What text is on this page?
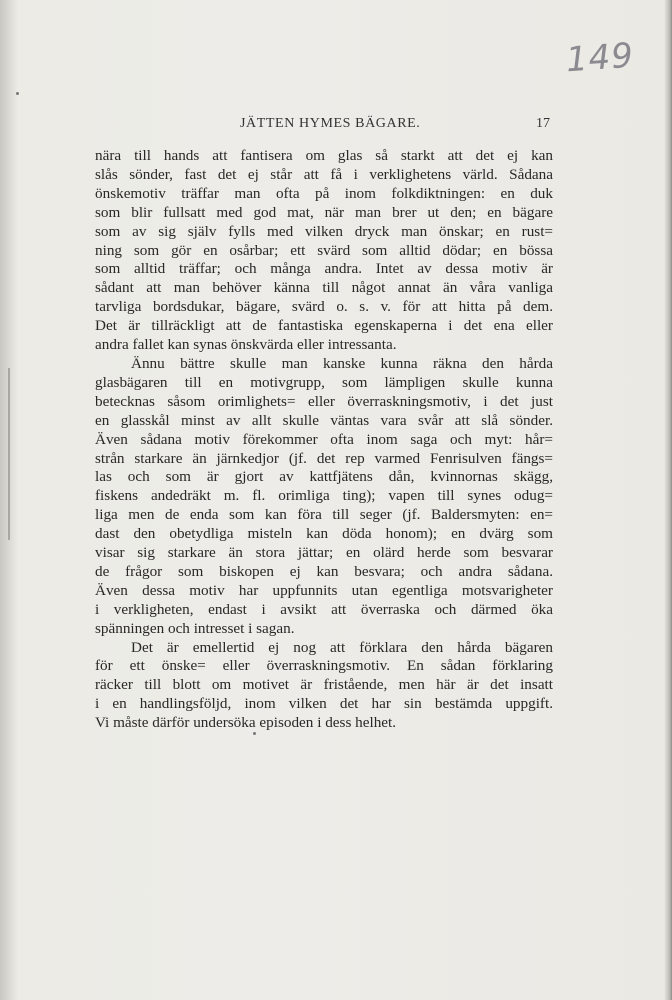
149
JÄTTEN HYMES BÄGARE.	17

nära till hands att fantisera om glas så starkt att det ej kan
slås sönder, fast det ej står att få i verklighetens värld. Sådana
önskemotiv träffar man ofta på inom folkdiktningen: en duk
som blir fullsatt med god mat, när man brer ut den; en bägare
som av sig själv fylls med vilken dryck man önskar; en rust=
ning som gör en osårbar; ett svärd som alltid dödar; en bössa
som alltid träffar; och många andra. Intet av dessa motiv är
sådant att man behöver känna till något annat än våra vanliga
tarvliga bordsdukar, bägare, svärd o. s. v. för att hitta på dem.
Det är tillräckligt att de fantastiska egenskaperna i det ena eller
andra fallet kan synas önskvärda eller intressanta.

Ännu bättre skulle man kanske kunna räkna den hårda
glasbägaren till en motivgrupp, som lämpligen skulle kunna
betecknas såsom orimlighets= eller överraskningsmotiv, i det just
en glasskål minst av allt skulle väntas vara svår att slå sönder.
Även sådana motiv förekommer ofta inom saga och myt: hår=
strån starkare än järnkedjor (jf. det rep varmed Fenrisulven fängs=
las och som är gjort av kattfjätens dån, kvinnornas skägg,
fiskens andedräkt m. fl. orimliga ting); vapen till synes odug=
liga men de enda som kan föra till seger (jf. Baldersmyten: en=
dast den obetydliga misteln kan döda honom); en dvärg som
visar sig starkare än stora jättar; en olärd herde som besvarar
de frågor som biskopen ej kan besvara; och andra sådana.
Även dessa motiv har uppfunnits utan egentliga motsvarigheter
i verkligheten, endast i avsikt att överraska och därmed öka
spänningen och intresset i sagan.

Det är emellertid ej nog att förklara den hårda bägaren
för ett önske= eller överraskningsmotiv. En sådan förklaring
räcker till blott om motivet är fristående, men här är det insatt
i en handlingsföljd, inom vilken det har sin bestämda uppgift.
Vi måste därför undersöka episoden i dess helhet.
